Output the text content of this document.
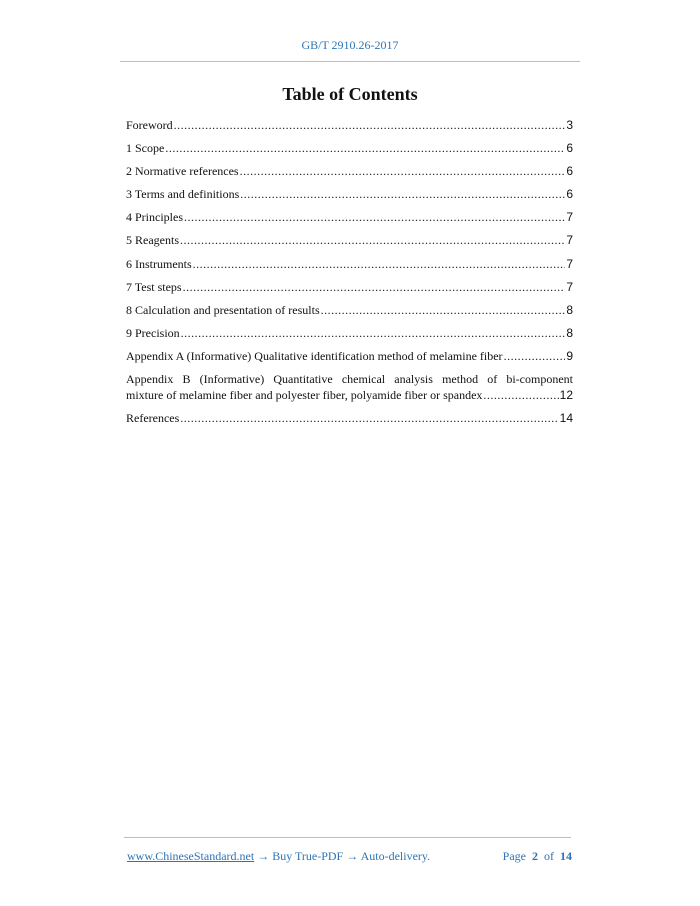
GB/T 2910.26-2017
Table of Contents
Foreword .....	3
1 Scope .....	6
2 Normative references .....	6
3 Terms and definitions .....	6
4 Principles .....	7
5 Reagents .....	7
6 Instruments .....	7
7 Test steps .....	7
8 Calculation and presentation of results .....	8
9 Precision .....	8
Appendix A (Informative) Qualitative identification method of melamine fiber .....	9
Appendix B (Informative) Quantitative chemical analysis method of bi-component
mixture of melamine fiber and polyester fiber, polyamide fiber or spandex .....	12
References .....	14
www.ChineseStandard.net → Buy True-PDF → Auto-delivery.	Page 2 of 14
